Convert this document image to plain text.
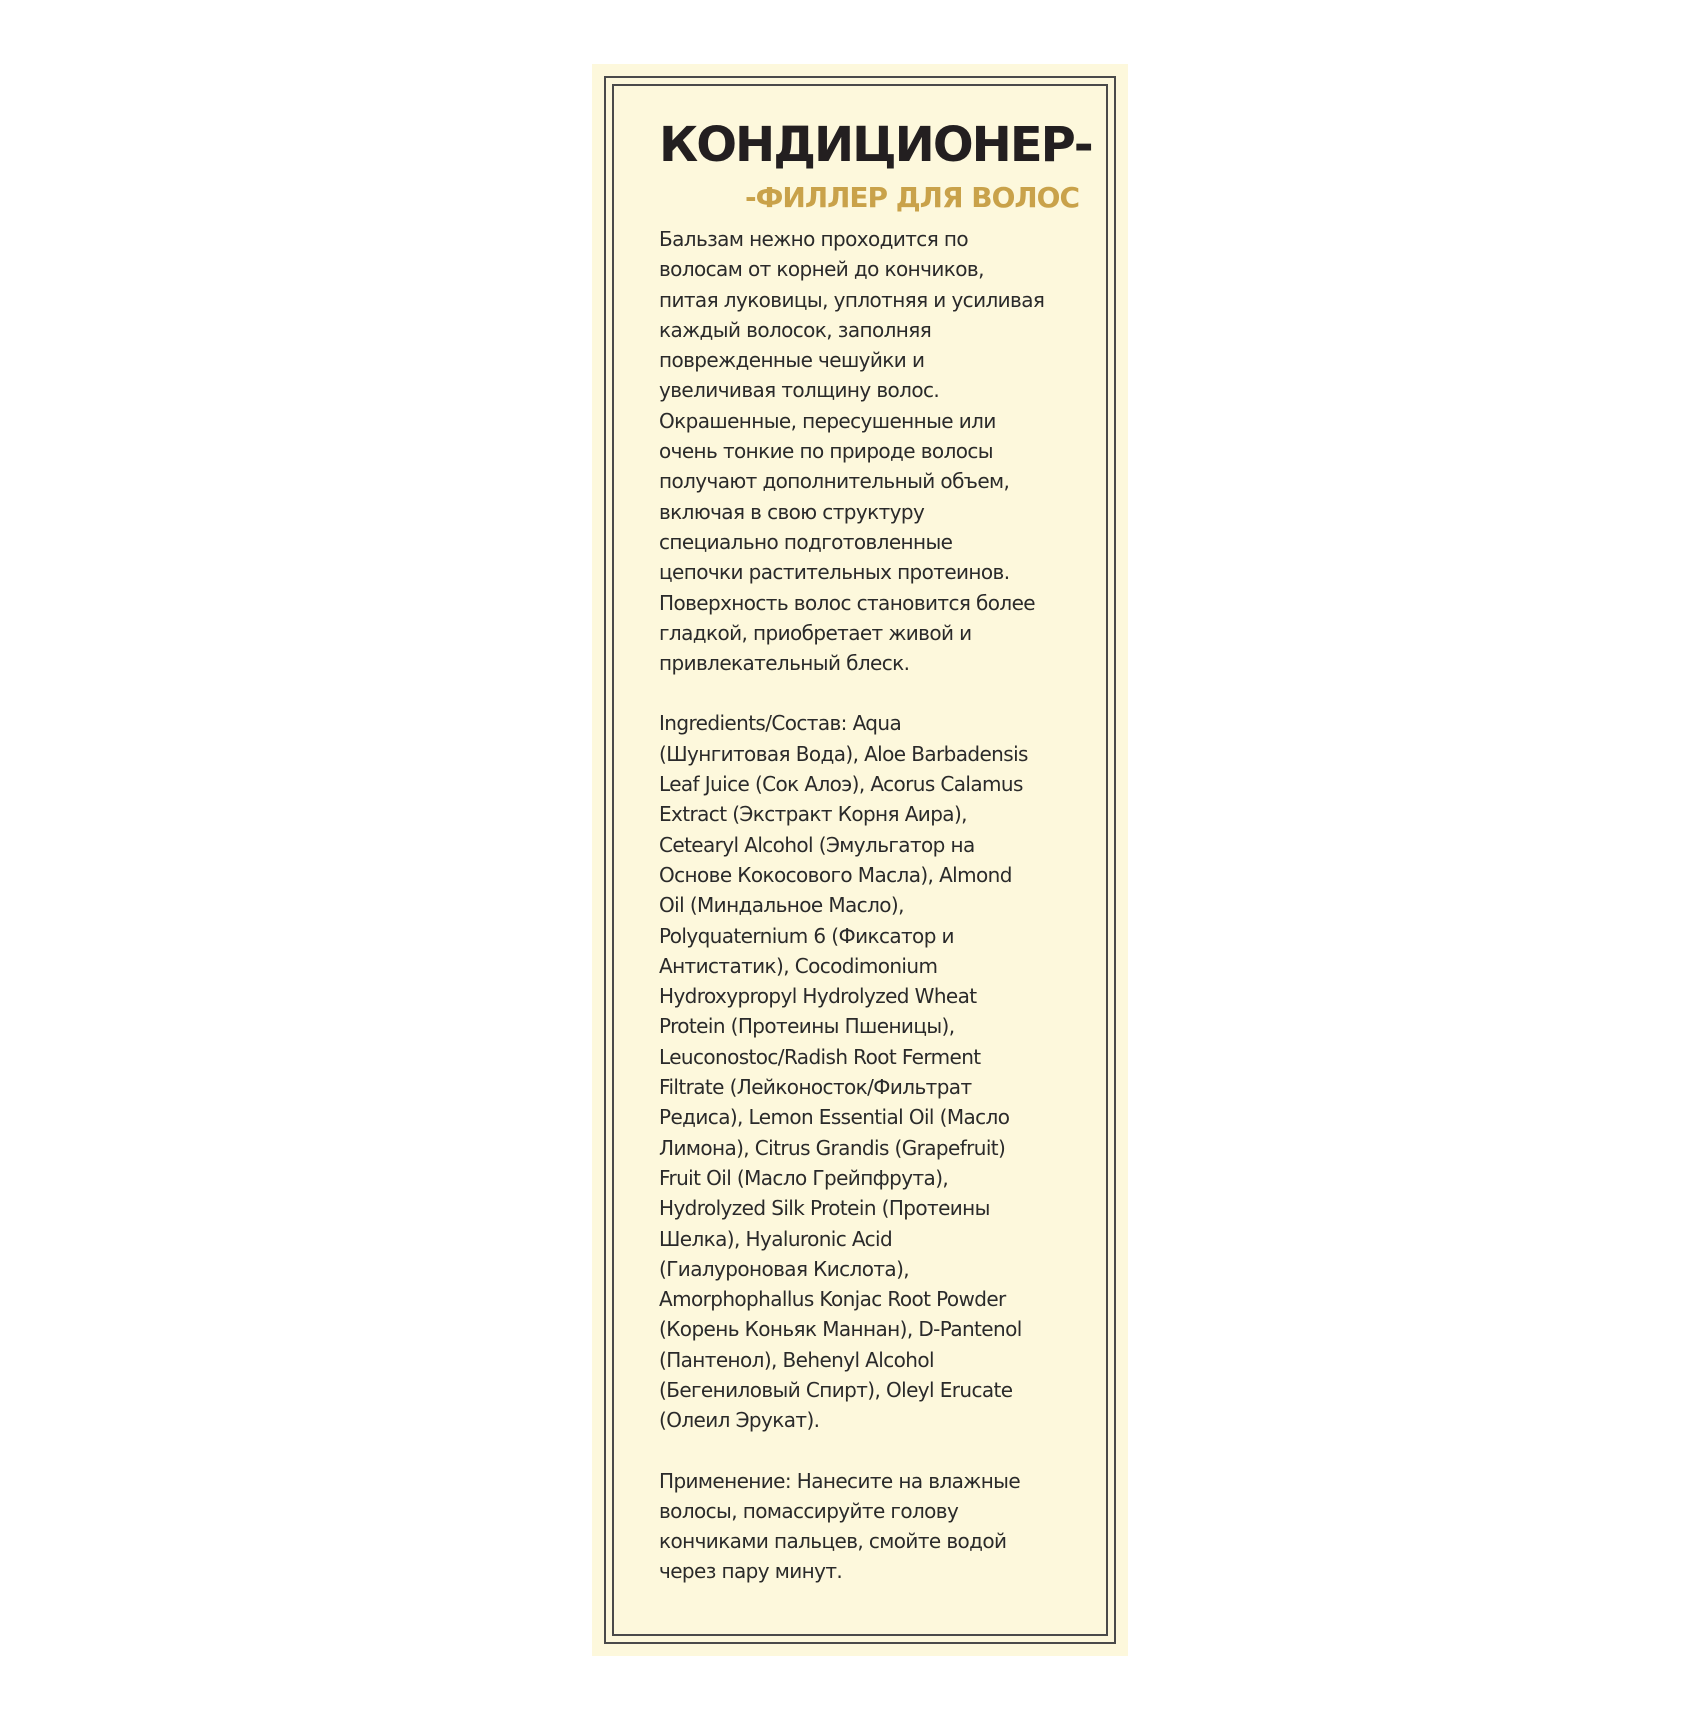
КОНДИЦИОНЕР-
-ФИЛЛЕР ДЛЯ ВОЛОС

Бальзам нежно проходится по
волосам от корней до кончиков,
питая луковицы, уплотняя и усиливая
каждый волосок, заполняя
поврежденные чешуйки и
увеличивая толщину волос.
Окрашенные, пересушенные или
очень тонкие по природе волосы
получают дополнительный объем,
включая в свою структуру
специально подготовленные
цепочки растительных протеинов.
Поверхность волос становится более
гладкой, приобретает живой и
привлекательный блеск.

Ingredients/Состав: Aqua
(Шунгитовая Вода), Aloe Barbadensis
Leaf Juice (Сок Алоэ), Acorus Calamus
Extract (Экстракт Корня Аира),
Cetearyl Alcohol (Эмульгатор на
Основе Кокосового Масла), Almond
Oil (Миндальное Масло),
Polyquaternium 6 (Фиксатор и
Антистатик), Cocodimonium
Hydroxypropyl Hydrolyzed Wheat
Protein (Протеины Пшеницы),
Leuconostoc/Radish Root Ferment
Filtrate (Лейконосток/Фильтрат
Редиса), Lemon Essential Oil (Масло
Лимона), Citrus Grandis (Grapefruit)
Fruit Oil (Масло Грейпфрута),
Hydrolyzed Silk Protein (Протеины
Шелка), Hyaluronic Acid
(Гиалуроновая Кислота),
Amorphophallus Konjac Root Powder
(Корень Коньяк Маннан), D-Pantenol
(Пантенол), Behenyl Alcohol
(Бегениловый Спирт), Oleyl Erucate
(Олеил Эрукат).

Применение: Нанесите на влажные
волосы, помассируйте голову
кончиками пальцев, смойте водой
через пару минут.
